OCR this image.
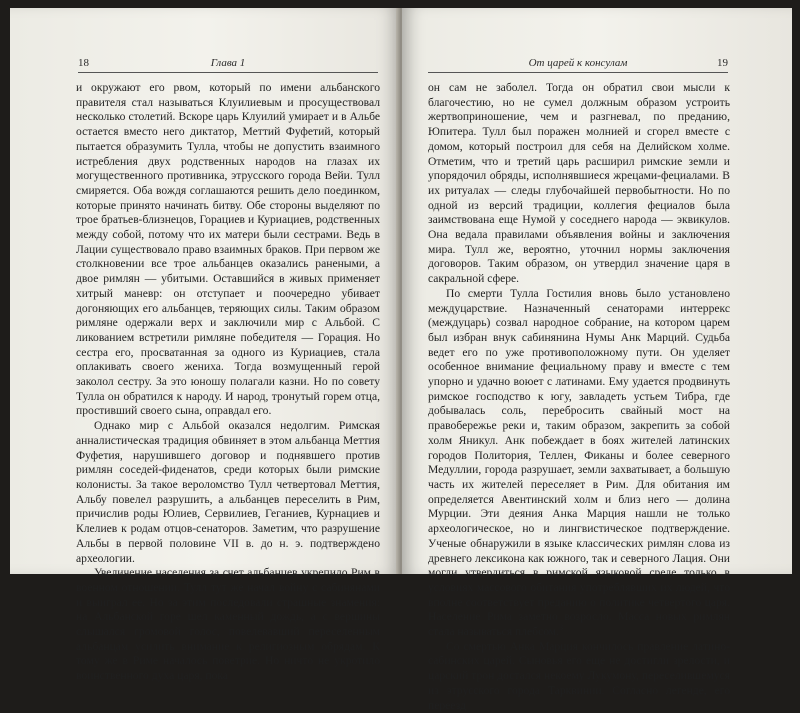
18	Глава 1

и окружают его рвом, который по имени альбанского правителя стал называться Клуилиевым и просуществовал несколько столетий. Вскоре царь Клуилий умирает и в Альбе остается вместо него диктатор, Меттий Фуфетий, который пытается образумить Тулла, чтобы не допустить взаимного истребления двух родственных народов на глазах их могущественного противника, этрусского города Вейи. Тулл смиряется. Оба вождя соглашаются решить дело поединком, которые принято начинать битву. Обе стороны выделяют по трое братьев-близнецов, Горациев и Куриациев, родственных между собой, потому что их матери были сестрами. Ведь в Лации существовало право взаимных браков. При первом же столкновении все трое альбанцев оказались ранеными, а двое римлян — убитыми. Оставшийся в живых применяет хитрый маневр: он отступает и поочередно убивает догоняющих его альбанцев, теряющих силы. Таким образом римляне одержали верх и заключили мир с Альбой. С ликованием встретили римляне победителя — Горация. Но сестра его, просватанная за одного из Куриациев, стала оплакивать своего жениха. Тогда возмущенный герой заколол сестру. За это юношу полагали казни. Но по совету Тулла он обратился к народу. И народ, тронутый горем отца, простивший своего сына, оправдал его.

Однако мир с Альбой оказался недолгим. Римская анналистическая традиция обвиняет в этом альбанца Меттия Фуфетия, нарушившего договор и поднявшего против римлян соседей-фиденатов, среди которых были римские колонисты. За такое вероломство Тулл четвертовал Меттия, Альбу повелел разрушить, а альбанцев переселить в Рим, причислив роды Юлиев, Сервилиев, Геганиев, Курнациев и Клелиев к родам отцов-сенаторов. Заметим, что разрушение Альбы в первой половине VII в. до н. э. подтверждено археологии.

Увеличение населения за счет альбанцев укрепило Рим в военном отношении. Тулл тут же начал войну с сабинянами и выиграл ее. Но за этим последовали страшные знамения: на Альбанской горе шел каменный дождь, а с вершины слышался громовой голос, повелевавший переселенным альбанцам усилить внимание к религиозным обрядам. К тому же в Риме началось поветрие. Но ничто не укротило воинственного духа царя, пока

От царей к консулам	19

он сам не заболел. Тогда он обратил свои мысли к благочестию, но не сумел должным образом устроить жертвоприношение, чем и разгневал, по преданию, Юпитера. Тулл был поражен молнией и сгорел вместе с домом, который построил для себя на Делийском холме. Отметим, что и третий царь расширил римские земли и упорядочил обряды, исполнявшиеся жрецами-фециалами. В их ритуалах — следы глубочайшей первобытности. Но по одной из версий традиции, коллегия фециалов была заимствована еще Нумой у соседнего народа — эквикулов. Она ведала правилами объявления войны и заключения мира. Тулл же, вероятно, уточнил нормы заключения договоров. Таким образом, он утвердил значение царя в сакральной сфере.

По смерти Тулла Гостилия вновь было установлено междуцарствие. Назначенный сенаторами интеррекс (междуцарь) созвал народное собрание, на котором царем был избран внук сабинянина Нумы Анк Марций. Судьба ведет его по уже противоположному пути. Он уделяет особенное внимание фециальному праву и вместе с тем упорно и удачно воюет с латинами. Ему удается продвинуть римское господство к югу, завладеть устьем Тибра, где добывалась соль, перебросить свайный мост на правобережье реки и, таким образом, закрепить за собой холм Яникул. Анк побеждает в боях жителей латинских городов Политория, Теллен, Фиканы и более северного Медуллии, города разрушает, земли захватывает, а большую часть их жителей переселяет в Рим. Для обитания им определяется Авентинский холм и близ него — долина Мурции. Эти деяния Анка Марция нашли не только археологическое, но и лингвистическое подтверждение. Ученые обнаружили в языке классических римлян слова из древнего лексикона как южного, так и северного Лация. Они могли утвердиться в римской языковой среде только в условиях массового обитания употреблявших их людей, что вполне соответствует преданию о политике четвертого царя. Население Рима заметно возросло. Масса новых римлян стала называться плебсом.$^3$

Со смертью Анка Марция кончилось правление латино-сабинских царей. Сыновья его еще не достигли зрелости, и царский трон достался некоему Лукумону, переселившемуся из этрусского города Тарквинии. Согласно легенде, его переезд
